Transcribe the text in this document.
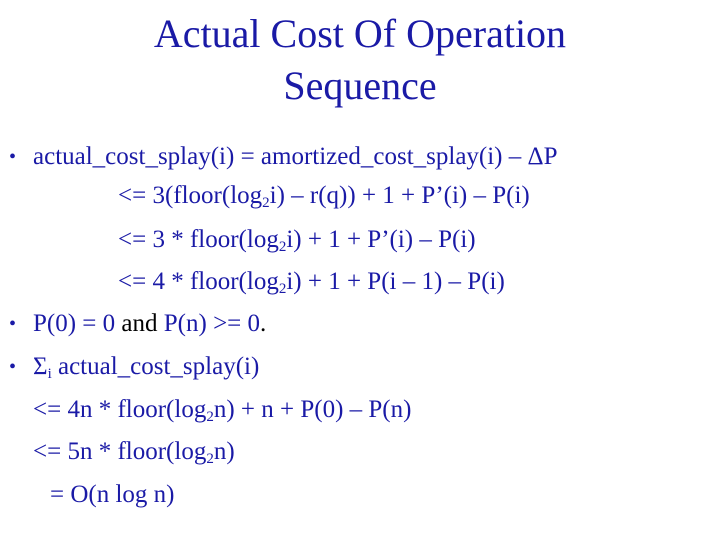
Actual Cost Of Operation
Sequence
• actual_cost_splay(i) = amortized_cost_splay(i) – ΔP
<= $3(floor(\log_2i) - r(q)) + 1$ + P’(i) – P(i)
<= $3 * floor(\log_2i) + 1$ + P’(i) – P(i)
<= $4 * floor(\log_2i) + 1 + P(i - 1) - P(i)$
• P(0) = 0 and P(n) >= 0.
• $\Sigma_i$ actual_cost_splay(i)
<= $4n * floor(\log_2n) + n + P(0) - P(n)$
<= $5n * floor(\log_2n)$
= O(n log n)
